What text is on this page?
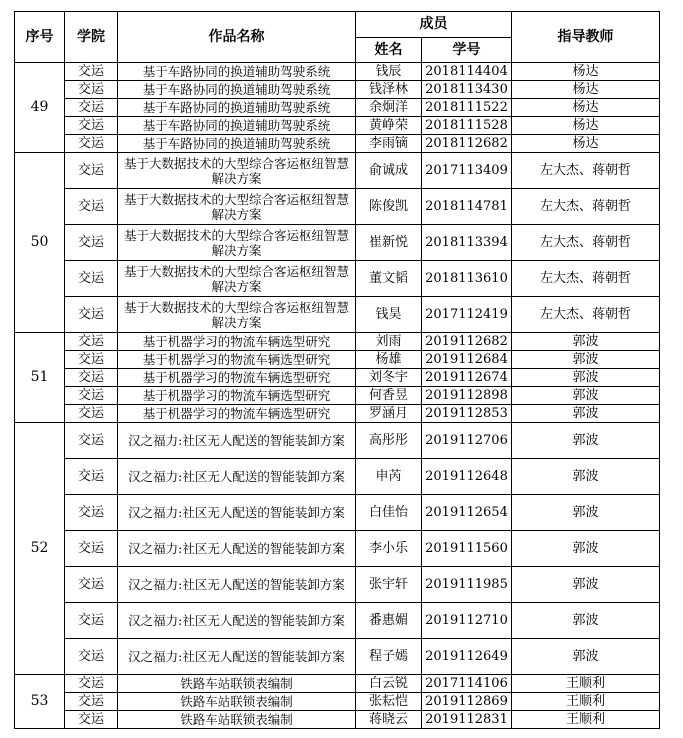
序号	学院	作品名称	成员		指导教师
			姓名	学号	
49	交运	基于车路协同的换道辅助驾驶系统	钱辰	2018114404	杨达
	交运	基于车路协同的换道辅助驾驶系统	钱泽林	2018113430	杨达
	交运	基于车路协同的换道辅助驾驶系统	余炯洋	2018111522	杨达
	交运	基于车路协同的换道辅助驾驶系统	黄峥荣	2018111528	杨达
	交运	基于车路协同的换道辅助驾驶系统	李雨镝	2018112682	杨达
50	交运	基于大数据技术的大型综合客运枢纽智慧解决方案	俞诚成	2017113409	左大杰、蒋朝哲
	交运	基于大数据技术的大型综合客运枢纽智慧解决方案	陈俊凯	2018114781	左大杰、蒋朝哲
	交运	基于大数据技术的大型综合客运枢纽智慧解决方案	崔新悦	2018113394	左大杰、蒋朝哲
	交运	基于大数据技术的大型综合客运枢纽智慧解决方案	董文韬	2018113610	左大杰、蒋朝哲
	交运	基于大数据技术的大型综合客运枢纽智慧解决方案	钱昊	2017112419	左大杰、蒋朝哲
51	交运	基于机器学习的物流车辆选型研究	刘雨	2019112682	郭波
	交运	基于机器学习的物流车辆选型研究	杨雄	2019112684	郭波
	交运	基于机器学习的物流车辆选型研究	刘冬宇	2019112674	郭波
	交运	基于机器学习的物流车辆选型研究	何香昱	2019112898	郭波
	交运	基于机器学习的物流车辆选型研究	罗涵月	2019112853	郭波
52	交运	汉之福力:社区无人配送的智能装卸方案	高彤彤	2019112706	郭波
	交运	汉之福力:社区无人配送的智能装卸方案	申芮	2019112648	郭波
	交运	汉之福力:社区无人配送的智能装卸方案	白佳怡	2019112654	郭波
	交运	汉之福力:社区无人配送的智能装卸方案	李小乐	2019111560	郭波
	交运	汉之福力:社区无人配送的智能装卸方案	张宇轩	2019111985	郭波
	交运	汉之福力:社区无人配送的智能装卸方案	番惠媚	2019112710	郭波
	交运	汉之福力:社区无人配送的智能装卸方案	程子嫣	2019112649	郭波
53	交运	铁路车站联锁表编制	白云锐	2017114106	王顺利
	交运	铁路车站联锁表编制	张耘恺	2019112869	王顺利
	交运	铁路车站联锁表编制	蒋晓云	2019112831	王顺利
